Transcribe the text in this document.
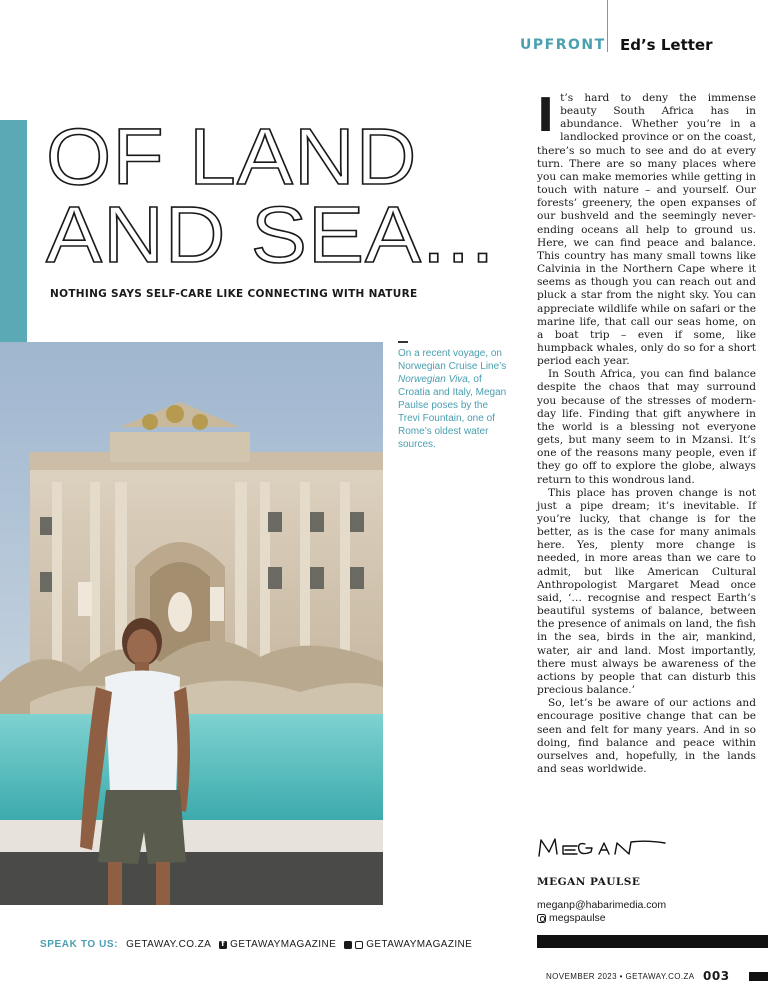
UPFRONT Ed’s Letter
OF LAND
AND SEA...
NOTHING SAYS SELF-CARE LIKE CONNECTING WITH NATURE
On a recent voyage, on Norwegian Cruise Line’s Norwegian Viva, of Croatia and Italy, Megan Paulse poses by the Trevi Fountain, one of Rome’s oldest water sources.

It’s hard to deny the immense beauty South Africa has in abundance. Whether you’re in a landlocked province or on the coast, there’s so much to see and do at every turn. There are so many places where you can make memories while getting in touch with nature – and yourself. Our forests’ greenery, the open expanses of our bushveld and the seemingly never-ending oceans all help to ground us. Here, we can find peace and balance. This country has many small towns like Calvinia in the Northern Cape where it seems as though you can reach out and pluck a star from the night sky. You can appreciate wildlife while on safari or the marine life, that call our seas home, on a boat trip – even if some, like humpback whales, only do so for a short period each year.

In South Africa, you can find balance despite the chaos that may surround you because of the stresses of modern-day life. Finding that gift anywhere in the world is a blessing not everyone gets, but many seem to in Mzansi. It’s one of the reasons many people, even if they go off to explore the globe, always return to this wondrous land.

This place has proven change is not just a pipe dream; it’s inevitable. If you’re lucky, that change is for the better, as is the case for many animals here. Yes, plenty more change is needed, in more areas than we care to admit, but like American Cultural Anthropologist Margaret Mead once said, ‘… recognise and respect Earth’s beautiful systems of balance, between the presence of animals on land, the fish in the sea, birds in the air, mankind, water, air and land. Most importantly, there must always be awareness of the actions by people that can disturb this precious balance.’

So, let’s be aware of our actions and encourage positive change that can be seen and felt for many years. And in so doing, find balance and peace within ourselves and, hopefully, in the lands and seas worldwide.

MEGAN PAULSE
meganp@habarimedia.com
megspaulse
SPEAK TO US: GETAWAY.CO.ZA
f GETAWAYMAGAZINE	GETAWAYMAGAZINE
NOVEMBER 2023 • GETAWAY.CO.ZA 003
